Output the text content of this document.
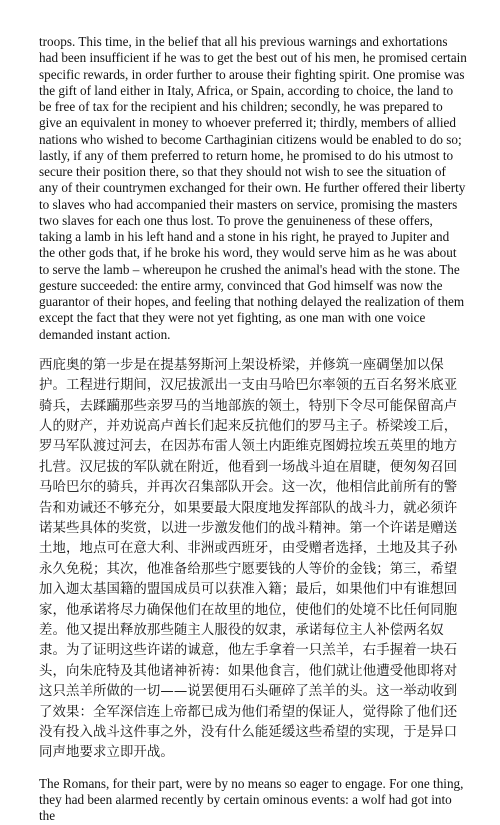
troops. This time, in the belief that all his previous warnings and exhortations had been insufficient if he was to get the best out of his men, he promised certain specific rewards, in order further to arouse their fighting spirit. One promise was the gift of land either in Italy, Africa, or Spain, according to choice, the land to be free of tax for the recipient and his children; secondly, he was prepared to give an equivalent in money to whoever preferred it; thirdly, members of allied nations who wished to become Carthaginian citizens would be enabled to do so; lastly, if any of them preferred to return home, he promised to do his utmost to secure their position there, so that they should not wish to see the situation of any of their countrymen exchanged for their own. He further offered their liberty to slaves who had accompanied their masters on service, promising the masters two slaves for each one thus lost. To prove the genuineness of these offers, taking a lamb in his left hand and a stone in his right, he prayed to Jupiter and the other gods that, if he broke his word, they would serve him as he was about to serve the lamb – whereupon he crushed the animal's head with the stone. The gesture succeeded: the entire army, convinced that God himself was now the guarantor of their hopes, and feeling that nothing delayed the realization of them except the fact that they were not yet fighting, as one man with one voice demanded instant action.

西庇奥的第一步是在提基努斯河上架设桥梁，并修筑一座碉堡加以保护。工程进行期间，汉尼拔派出一支由马哈巴尔率领的五百名努米底亚骑兵，去蹂躏那些亲罗马的当地部族的领土，特别下令尽可能保留高卢人的财产，并劝说高卢酋长们起来反抗他们的罗马主子。桥梁竣工后，罗马军队渡过河去，在因苏布雷人领土内距维克图姆拉埃五英里的地方扎营。汉尼拔的军队就在附近，他看到一场战斗迫在眉睫，便匆匆召回马哈巴尔的骑兵，并再次召集部队开会。这一次，他相信此前所有的警告和劝诫还不够充分，如果要最大限度地发挥部队的战斗力，就必须许诺某些具体的奖赏，以进一步激发他们的战斗精神。第一个许诺是赠送土地，地点可在意大利、非洲或西班牙，由受赠者选择，土地及其子孙永久免税；其次，他准备给那些宁愿要钱的人等价的金钱；第三，希望加入迦太基国籍的盟国成员可以获准入籍；最后，如果他们中有谁想回家，他承诺将尽力确保他们在故里的地位，使他们的处境不比任何同胞差。他又提出释放那些随主人服役的奴隶，承诺每位主人补偿两名奴隶。为了证明这些许诺的诚意，他左手拿着一只羔羊，右手握着一块石头，向朱庇特及其他诸神祈祷：如果他食言，他们就让他遭受他即将对这只羔羊所做的一切——说罢便用石头砸碎了羔羊的头。这一举动收到了效果：全军深信连上帝都已成为他们希望的保证人，觉得除了他们还没有投入战斗这件事之外，没有什么能延缓这些希望的实现，于是异口同声地要求立即开战。

The Romans, for their part, were by no means so eager to engage. For one thing, they had been alarmed recently by certain ominous events: a wolf had got into the
